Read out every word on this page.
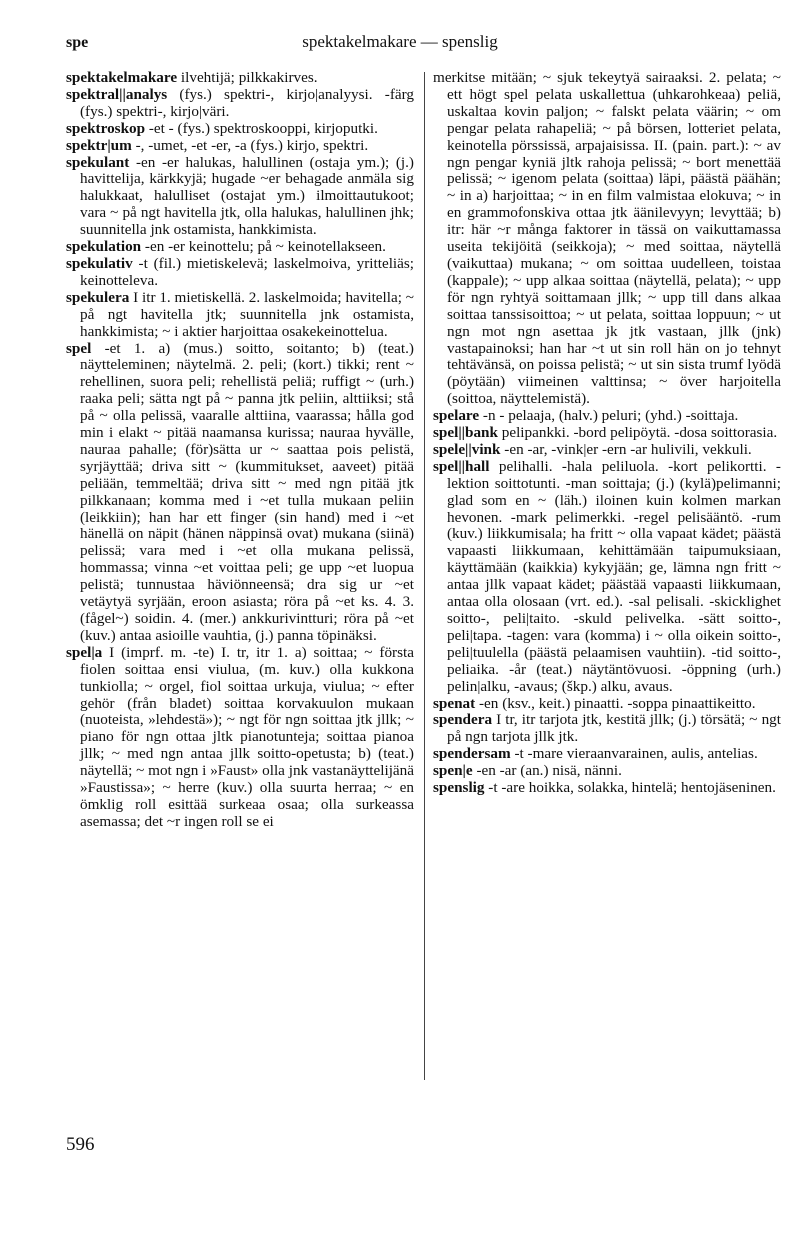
spe	spektakelmakare — spenslig

spektakelmakare ilvehtijä; pilkkakirves.

spektral||analys (fys.) spektri-, kirjo|analyysi. -färg (fys.) spektri-, kirjo|väri.

spektroskop -et - (fys.) spektroskooppi, kirjoputki.

spektr|um -, -umet, -et -er, -a (fys.) kirjo, spektri.

spekulant -en -er halukas, halullinen (ostaja ym.); (j.) havittelija, kärkkyjä; hugade ~er behagade anmäla sig halukkaat, halulliset (ostajat ym.) ilmoittautukoot; vara ~ på ngt havitella jtk, olla halukas, halullinen jhk; suunnitella jnk ostamista, hankkimista.

spekulation -en -er keinottelu; på ~ keinotellakseen.

spekulativ -t (fil.) mietiskelevä; laskelmoiva, yritteliäs; keinotteleva.

spekulera I itr 1. mietiskellä. 2. laskelmoida; havitella; ~ på ngt havitella jtk; suunnitella jnk ostamista, hankkimista; ~ i aktier harjoittaa osakekeinottelua.

spel -et 1. a) (mus.) soitto, soitanto; b) (teat.) näytteleminen; näytelmä. 2. peli; (kort.) tikki; rent ~ rehellinen, suora peli; rehellistä peliä; ruffigt ~ (urh.) raaka peli; sätta ngt på ~ panna jtk peliin, alttiiksi; stå på ~ olla pelissä, vaaralle alttiina, vaarassa; hålla god min i elakt ~ pitää naamansa kurissa; nauraa hyvälle, nauraa pahalle; (för)sätta ur ~ saattaa pois pelistä, syrjäyttää; driva sitt ~ (kummitukset, aaveet) pitää peliään, temmeltää; driva sitt ~ med ngn pitää jtk pilkkanaan; komma med i ~et tulla mukaan peliin (leikkiin); han har ett finger (sin hand) med i ~et hänellä on näpit (hänen näppinsä ovat) mukana (siinä) pelissä; vara med i ~et olla mukana pelissä, hommassa; vinna ~et voittaa peli; ge upp ~et luopua pelistä; tunnustaa häviönneensä; dra sig ur ~et vetäytyä syrjään, eroon asiasta; röra på ~et ks. 4. 3. (fågel~) soidin. 4. (mer.) ankkurivintturi; röra på ~et (kuv.) antaa asioille vauhtia, (j.) panna töpinäksi.

spel|a I (imprf. m. -te) I. tr, itr 1. a) soittaa; ~ första fiolen soittaa ensi viulua, (m. kuv.) olla kukkona tunkiolla; ~ orgel, fiol soittaa urkuja, viulua; ~ efter gehör (från bladet) soittaa korvakuulon mukaan (nuoteista, »lehdestä»); ~ ngt för ngn soittaa jtk jllk; ~ piano för ngn ottaa jltk pianotunteja; soittaa pianoa jllk; ~ med ngn antaa jllk soitto-opetusta; b) (teat.) näytellä; ~ mot ngn i »Faust» olla jnk vastanäyttelijänä »Faustissa»; ~ herre (kuv.) olla suurta herraa; ~ en ömklig roll esittää surkeaa osaa; olla surkeassa asemassa; det ~r ingen roll se ei

merkitse mitään; ~ sjuk tekeytyä sairaaksi. 2. pelata; ~ ett högt spel pelata uskallettua (uhkarohkeaa) peliä, uskaltaa kovin paljon; ~ falskt pelata väärin; ~ om pengar pelata rahapeliä; ~ på börsen, lotteriet pelata, keinotella pörssissä, arpajaisissa. II. (pain. part.): ~ av ngn pengar kyniä jltk rahoja pelissä; ~ bort menettää pelissä; ~ igenom pelata (soittaa) läpi, päästä päähän; ~ in a) harjoittaa; ~ in en film valmistaa elokuva; ~ in en grammofonskiva ottaa jtk äänilevyyn; levyttää; b) itr: här ~r många faktorer in tässä on vaikuttamassa useita tekijöitä (seikkoja); ~ med soittaa, näytellä (vaikuttaa) mukana; ~ om soittaa uudelleen, toistaa (kappale); ~ upp alkaa soittaa (näytellä, pelata); ~ upp för ngn ryhtyä soittamaan jllk; ~ upp till dans alkaa soittaa tanssisoittoa; ~ ut pelata, soittaa loppuun; ~ ut ngn mot ngn asettaa jk jtk vastaan, jllk (jnk) vastapainoksi; han har ~t ut sin roll hän on jo tehnyt tehtävänsä, on poissa pelistä; ~ ut sin sista trumf lyödä (pöytään) viimeinen valttinsa; ~ över harjoitella (soittoa, näyttelemistä).

spelare -n - pelaaja, (halv.) peluri; (yhd.) -soittaja.

spel||bank pelipankki. -bord pelipöytä. -dosa soittorasia.

spele||vink -en -ar, -vink|er -ern -ar hulivili, vekkuli.

spel||hall pelihalli. -hala peliluola. -kort pelikortti. -lektion soittotunti. -man soittaja; (j.) (kylä)pelimanni; glad som en ~ (läh.) iloinen kuin kolmen markan hevonen. -mark pelimerkki. -regel pelisääntö. -rum (kuv.) liikkumisala; ha fritt ~ olla vapaat kädet; päästä vapaasti liikkumaan, kehittämään taipumuksiaan, käyttämään (kaikkia) kykyjään; ge, lämna ngn fritt ~ antaa jllk vapaat kädet; päästää vapaasti liikkumaan, antaa olla olosaan (vrt. ed.). -sal pelisali. -skicklighet soitto-, peli|taito. -skuld pelivelka. -sätt soitto-, peli|tapa. -tagen: vara (komma) i ~ olla oikein soitto-, peli|tuulella (päästä pelaamisen vauhtiin). -tid soitto-, peliaika. -år (teat.) näytäntövuosi. -öppning (urh.) pelin|alku, -avaus; (škp.) alku, avaus.

spenat -en (ksv., keit.) pinaatti. -soppa pinaattikeitto.

spendera I tr, itr tarjota jtk, kestitä jllk; (j.) törsätä; ~ ngt på ngn tarjota jllk jtk.

spendersam -t -mare vieraanvarainen, aulis, antelias.

spen|e -en -ar (an.) nisä, nänni.

spenslig -t -are hoikka, solakka, hintelä; hentojäseninen.

596
